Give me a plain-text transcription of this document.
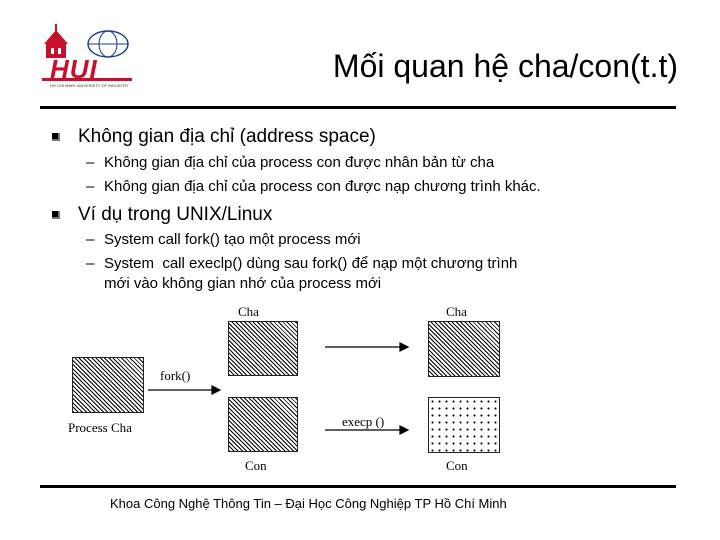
HUI
HO CHI MINH UNIVERSITY OF INDUSTRY
Mối quan hệ cha/con(t.t)
Không gian địa chỉ (address space)
– Không gian địa chỉ của process con được nhân bản từ cha
– Không gian địa chỉ của process con được nạp chương trình khác.
Ví dụ trong UNIX/Linux
– System call fork() tạo một process mới
– System  call execlp() dùng sau fork() để nạp một chương trình
mới vào không gian nhớ của process mới
Cha	Cha
fork()
Process Cha	execp ()
Con	Con
Khoa Công Nghệ Thông Tin – Đại Học Công Nghiệp TP Hồ Chí Minh
